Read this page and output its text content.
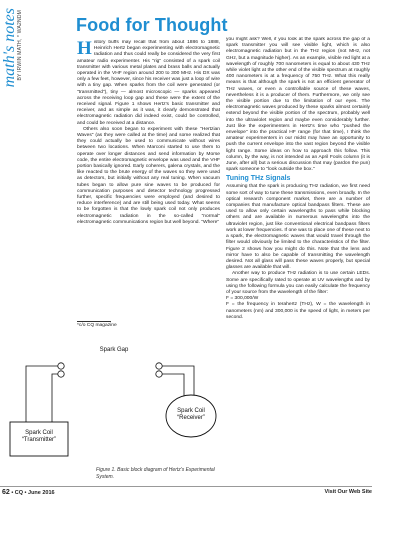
math's notes BY IRWIN MATH, * WA2NDM	Food for Thought

History buffs may recall that from about 1886 to 1888, Heinrich Hertz began experimenting with electromagnetic radiation and thus could really be considered the very first amateur radio experimenter. His "rig" consisted of a spark coil transmitter with various metal plates and brass balls and actually operated in the VHF region around 200 to 300 MHz. His DX was only a few feet, however, since his receiver was just a loop of wire with a tiny gap. When sparks from the coil were generated (or "transmitted"), tiny — almost microscopic — sparks appeared across the receiving loop gap and these were the extent of the received signal. Figure 1 shows Hertz's basic transmitter and receiver, and as simple as it was, it clearly demonstrated that electromagnetic radiation did indeed exist, could be controlled, and could be received at a distance.

Others also soon began to experiment with these "Hertzian Waves" (as they were called at the time) and some realized that they could actually be used to communicate without wires between two locations. When Marconi started to use them to operate over longer distances and send information by Morse code, the entire electromagnetic envelope was used and the VHF portion basically ignored. Early coherers, galena crystals, and the like reacted to the brute energy of the waves so they were used as detectors, but initially without any real tuning. When vacuum tubes began to allow pure sine waves to be produced for communication purposes and detector technology progressed further, specific frequencies were employed (and desired to reduce interference) and are still being used today. What seems to be forgotten is that the lowly spark coil not only produces electromagnetic radiation in the so-called "normal" electromagnetic communications region but well beyond. "Where"

*c/o CQ magazine

you might ask? Well, if you look at the spark across the gap of a spark transmitter you will see visible light, which is also electromagnetic radiation but in the THz region (not MHz, not GHz, but a magnitude higher). As an example, visible red light at a wavelength of roughly 700 nanometers is equal to about 430 THz while violet light at the other end of the visible spectrum at roughly 400 nanometers is at a frequency of 750 THz. What this really means is that although the spark is not an efficient generator of THz waves, or even a controllable source of these waves, nevertheless it is a producer of them. Furthermore, we only see the visible portion due to the limitation of our eyes. The electromagnetic waves produced by these sparks almost certainly extend beyond the visible portion of the spectrum, probably well into the ultraviolet region and maybe even considerably further. Just like the experimenters in Hertz's time who "pushed the envelope" into the practical HF range (for that time), I think the amateur experimenters in our midst may have an opportunity to push the current envelope into the vast region beyond the visible light range. Some ideas on how to approach this follow. This column, by the way, is not intended as an April Fools column (it is June, after all) but a serious discussion that may (pardon the pun) spark someone to "look outside the box."

Tuning THz Signals

Assuming that the spark is producing THz radiation, we first need some sort of way to tune these transmissions, even broadly. In the optical research component market, there are a number of companies that manufacture optical bandpass filters. These are used to allow only certain wavelengths to pass while blocking others and are available in numerous wavelengths into the ultraviolet region, just like conventional electrical bandpass filters work at lower frequencies. If one was to place one of these next to a spark, the electromagnetic waves that would travel through the filter would obviously be limited to the characteristics of the filter. Figure 2 shows how you might do this. Note that the lens and mirror have to also be capable of transmitting the wavelength desired. Not all glass will pass these waves properly, but special glasses are available that will.

Another way to produce THz radiation is to use certain LEDs. Some are specifically rated to operate at UV wavelengths and by using the following formula you can easily calculate the frequency of your source from the wavelength of the filter:

F = 300,000/W

F = the frequency in terahertz (THz), W = the wavelength in nanometers (nm) and 300,000 is the speed of light, in meters per second.

Spark Gap
Spark Coil
“Transmitter”
Spark Coil
“Receiver”
Figure 1. Basic block diagram of Hertz's Experimental System.
62 • CQ • June 2016	Visit Our Web Site
